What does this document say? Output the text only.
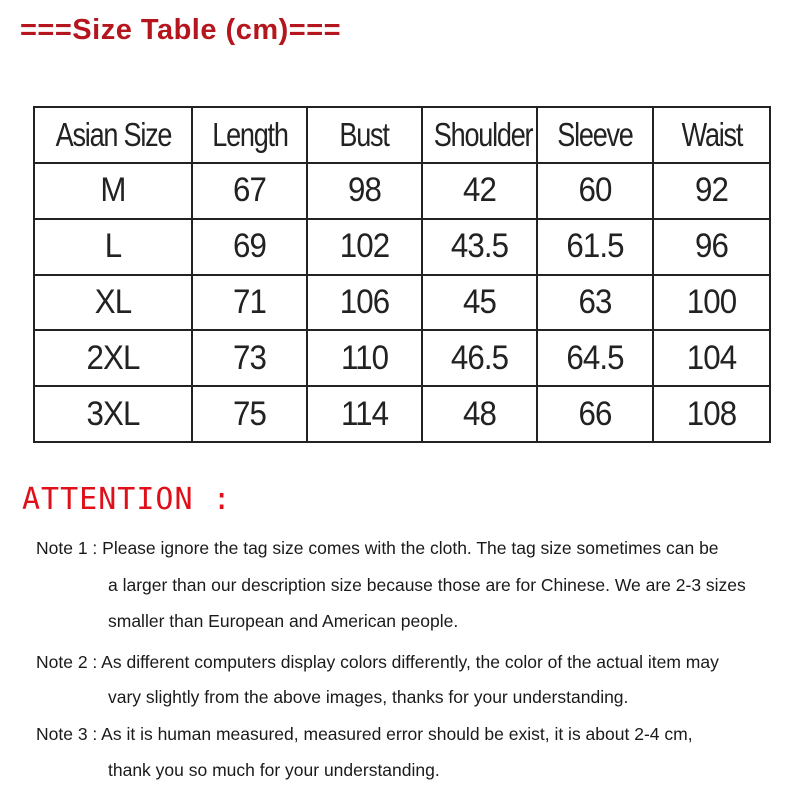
===Size Table (cm)===
Asian Size	Length	Bust	Shoulder	Sleeve	Waist
M	67	98	42	60	92
L	69	102	43.5	61.5	96
XL	71	106	45	63	100
2XL	73	110	46.5	64.5	104
3XL	75	114	48	66	108
ATTENTION :
Note 1 : Please ignore the tag size comes with the cloth. The tag size sometimes can be
a larger than our description size because those are for Chinese. We are 2-3 sizes
smaller than European and American people.
Note 2 : As different computers display colors differently, the color of the actual item may
vary slightly from the above images, thanks for your understanding.
Note 3 : As it is human measured, measured error should be exist, it is about 2-4 cm,
thank you so much for your understanding.
